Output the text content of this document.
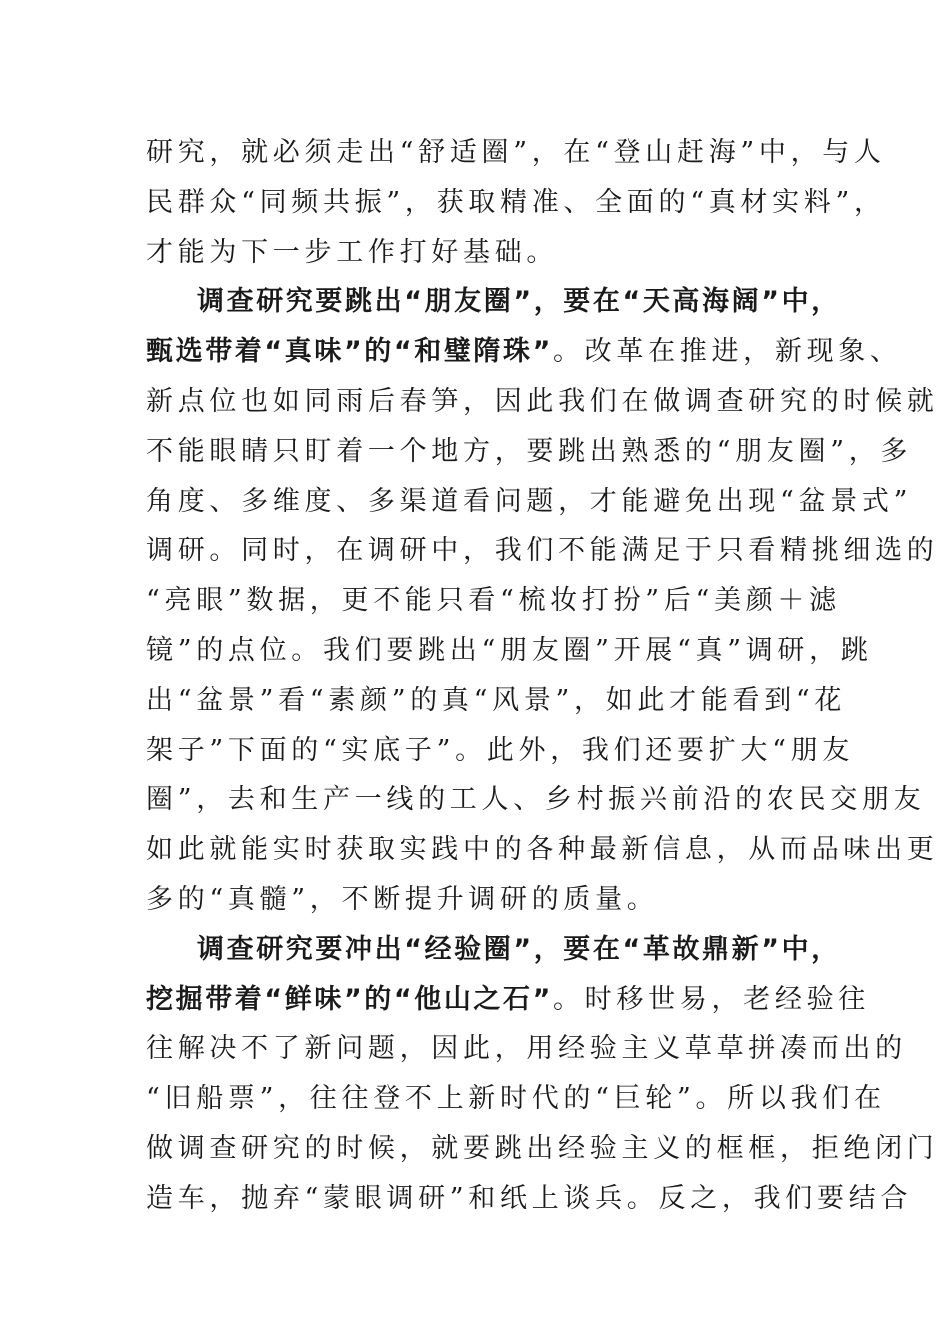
研究，就必须走出“舒适圈”，在“登山赶海”中，与人
民群众“同频共振”，获取精准、全面的“真材实料”，
才能为下一步工作打好基础。
调查研究要跳出“朋友圈”，要在“天高海阔”中，
甄选带着“真味”的“和璧隋珠”。改革在推进，新现象、
新点位也如同雨后春笋，因此我们在做调查研究的时候就
不能眼睛只盯着一个地方，要跳出熟悉的“朋友圈”，多
角度、多维度、多渠道看问题，才能避免出现“盆景式”
调研。同时，在调研中，我们不能满足于只看精挑细选的
“亮眼”数据，更不能只看“梳妆打扮”后“美颜＋滤
镜”的点位。我们要跳出“朋友圈”开展“真”调研，跳
出“盆景”看“素颜”的真“风景”，如此才能看到“花
架子”下面的“实底子”。此外，我们还要扩大“朋友
圈”，去和生产一线的工人、乡村振兴前沿的农民交朋友
如此就能实时获取实践中的各种最新信息，从而品味出更
多的“真髓”，不断提升调研的质量。
调查研究要冲出“经验圈”，要在“革故鼎新”中，
挖掘带着“鲜味”的“他山之石”。时移世易，老经验往
往解决不了新问题，因此，用经验主义草草拼凑而出的
“旧船票”，往往登不上新时代的“巨轮”。所以我们在
做调查研究的时候，就要跳出经验主义的框框，拒绝闭门
造车，抛弃“蒙眼调研”和纸上谈兵。反之，我们要结合
